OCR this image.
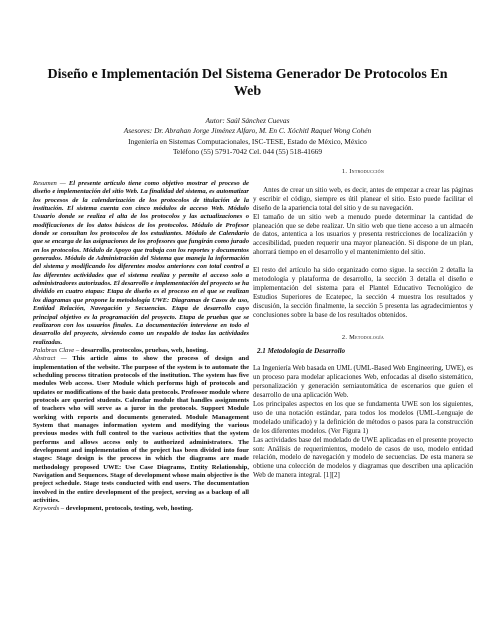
Diseño e Implementación Del Sistema Generador De Protocolos En Web
Autor: Saúl Sánchez Cuevas
Asesores: Dr. Abrahan Jorge Jiménez Alfaro, M. En C. Xóchitl Raquel Wong Cohén
Ingeniería en Sistemas Computacionales, ISC-TESE, Estado de México, México
Teléfono (55) 5791-7042 Cel. 044 (55) 518-41669

Resumen — El presente artículo tiene como objetivo mostrar el proceso de diseño e implementación del sitio Web. La finalidad del sistema, es automatizar los procesos de la calendarización de los protocolos de titulación de la institución. El sistema cuenta con cinco módulos de acceso Web. Módulo Usuario donde se realiza el alta de los protocolos y las actualizaciones o modificaciones de los datos básicos de los protocolos. Módulo de Profesor donde se consultan los protocolos de los estudiantes. Módulo de Calendario que se encarga de las asignaciones de los profesores que fungirán como jurado en los protocolos. Módulo de Apoyo que trabaja con los reportes y documentos generados. Módulo de Administración del Sistema que maneja la información del sistema y modificando los diferentes modos anteriores con total control a las diferentes actividades que el sistema realiza y permite el acceso solo a administradores autorizados. El desarrollo e implementación del proyecto se ha dividido en cuatro etapas: Etapa de diseño es el proceso en el que se realizan los diagramas que propone la metodología UWE: Diagramas de Casos de uso, Entidad Relación, Navegación y Secuencias. Etapa de desarrollo cuyo principal objetivo es la programación del proyecto. Etapa de pruebas que se realizaron con los usuarios finales. La documentación interviene en todo el desarrollo del proyecto, sirviendo como un respaldo de todas las actividades realizadas.

Palabras Clave – desarrollo, protocolos, pruebas, web, hosting.

Abstract — This article aims to show the process of design and implementation of the website. The purpose of the system is to automate the scheduling process titration protocols of the institution. The system has five modules Web access. User Module which performs high of protocols and updates or modifications of the basic data protocols. Professor module where protocols are queried students. Calendar module that handles assignments of teachers who will serve as a juror in the protocols. Support Module working with reports and documents generated. Module Management System that manages information system and modifying the various previous modes with full control to the various activities that the system performs and allows access only to authorized administrators. The development and implementation of the project has been divided into four stages: Stage design is the process in which the diagrams are made methodology proposed UWE: Use Case Diagrams, Entity Relationship, Navigation and Sequences. Stage of development whose main objective is the project schedule. Stage tests conducted with end users. The documentation involved in the entire development of the project, serving as a backup of all activities.

Keywords – development, protocols, testing, web, hosting.

1. Introducción

Antes de crear un sitio web, es decir, antes de empezar a crear las páginas y escribir el código, siempre es útil planear el sitio. Esto puede facilitar el diseño de la apariencia total del sitio y de su navegación.

El tamaño de un sitio web a menudo puede determinar la cantidad de planeación que se debe realizar. Un sitio web que tiene acceso a un almacén de datos, antentica a los usuarios y presenta restricciones de localización y accesibilidad, pueden requerir una mayor planeación. Si dispone de un plan, ahorrará tiempo en el desarrollo y el mantenimiento del sitio.

El resto del artículo ha sido organizado como sigue. la sección 2 detalla la metodología y plataforma de desarrollo, la sección 3 detalla el diseño e implementación del sistema para el Plantel Educativo Tecnológico de Estudios Superiores de Ecatepec, la sección 4 muestra los resultados y discusión, la sección finalmente, la sección 5 presenta las agradecimientos y conclusiones sobre la base de los resultados obtenidos.

2. Metodología

2.1 Metodología de Desarrollo

La Ingeniería Web basada en UML (UML-Based Web Engineering, UWE), es un proceso para modelar aplicaciones Web, enfocadas al diseño sistemático, personalización y generación semiautomática de escenarios que guíen el desarrollo de una aplicación Web.

Los principales aspectos en los que se fundamenta UWE son los siguientes, uso de una notación estándar, para todos los modelos (UML-Lenguaje de modelado unificado) y la definición de métodos o pasos para la construcción de los diferentes modelos. (Ver Figura 1)

Las actividades base del modelado de UWE aplicadas en el presente proyecto son: Análisis de requerimientos, modelo de casos de uso, modelo entidad relación, modelo de navegación y modelo de secuencias. De esta manera se obtiene una colección de modelos y diagramas que describen una aplicación Web de manera integral. [1][2]
